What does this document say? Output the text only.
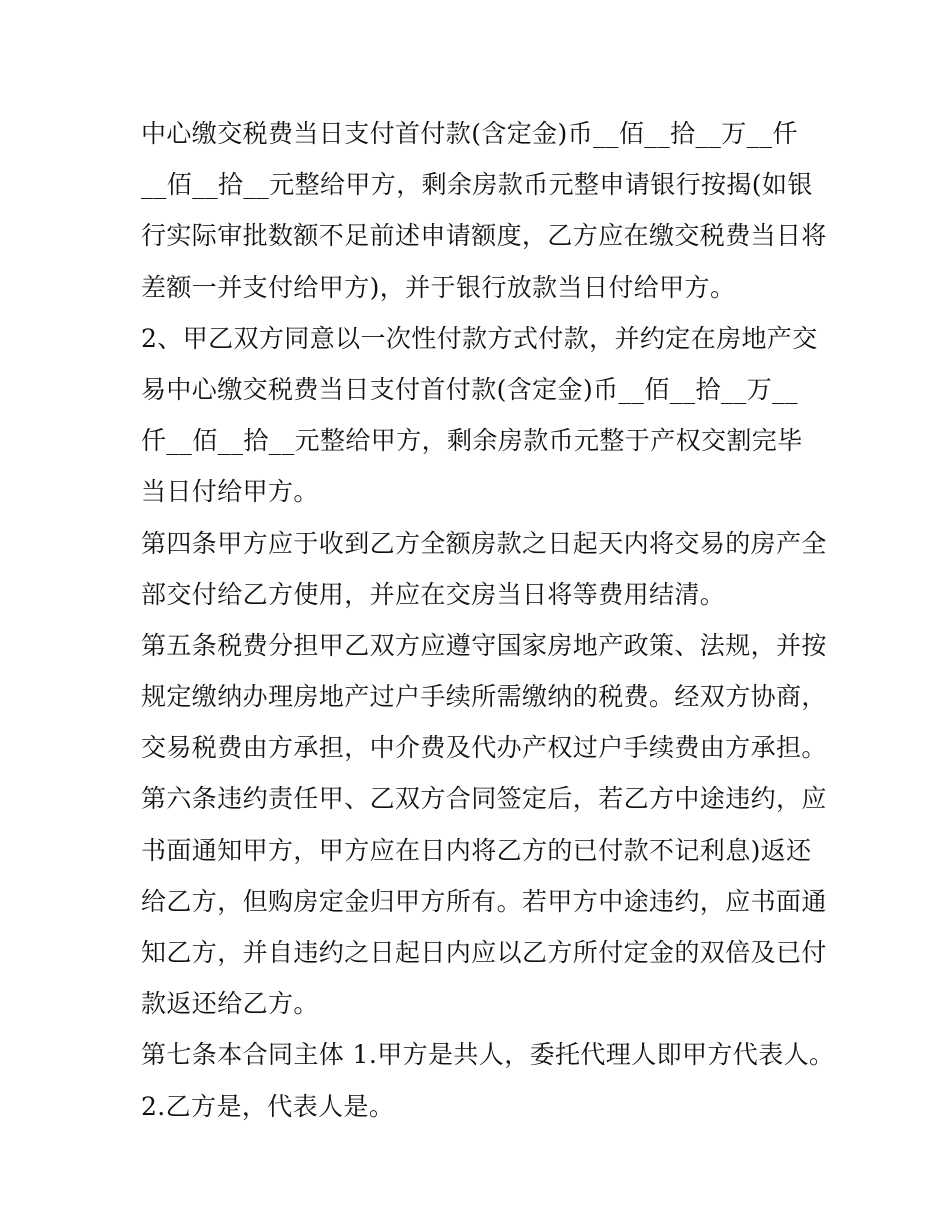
中心缴交税费当日支付首付款(含定金)币__佰__拾__万__仟
__佰__拾__元整给甲方，剩余房款币元整申请银行按揭(如银
行实际审批数额不足前述申请额度，乙方应在缴交税费当日将
差额一并支付给甲方)，并于银行放款当日付给甲方。
2、甲乙双方同意以一次性付款方式付款，并约定在房地产交
易中心缴交税费当日支付首付款(含定金)币__佰__拾__万__
仟__佰__拾__元整给甲方，剩余房款币元整于产权交割完毕
当日付给甲方。
第四条甲方应于收到乙方全额房款之日起天内将交易的房产全
部交付给乙方使用，并应在交房当日将等费用结清。
第五条税费分担甲乙双方应遵守国家房地产政策、法规，并按
规定缴纳办理房地产过户手续所需缴纳的税费。经双方协商，
交易税费由方承担，中介费及代办产权过户手续费由方承担。
第六条违约责任甲、乙双方合同签定后，若乙方中途违约，应
书面通知甲方，甲方应在日内将乙方的已付款不记利息)返还
给乙方，但购房定金归甲方所有。若甲方中途违约，应书面通
知乙方，并自违约之日起日内应以乙方所付定金的双倍及已付
款返还给乙方。
第七条本合同主体 1.甲方是共人，委托代理人即甲方代表人。
2.乙方是，代表人是。
